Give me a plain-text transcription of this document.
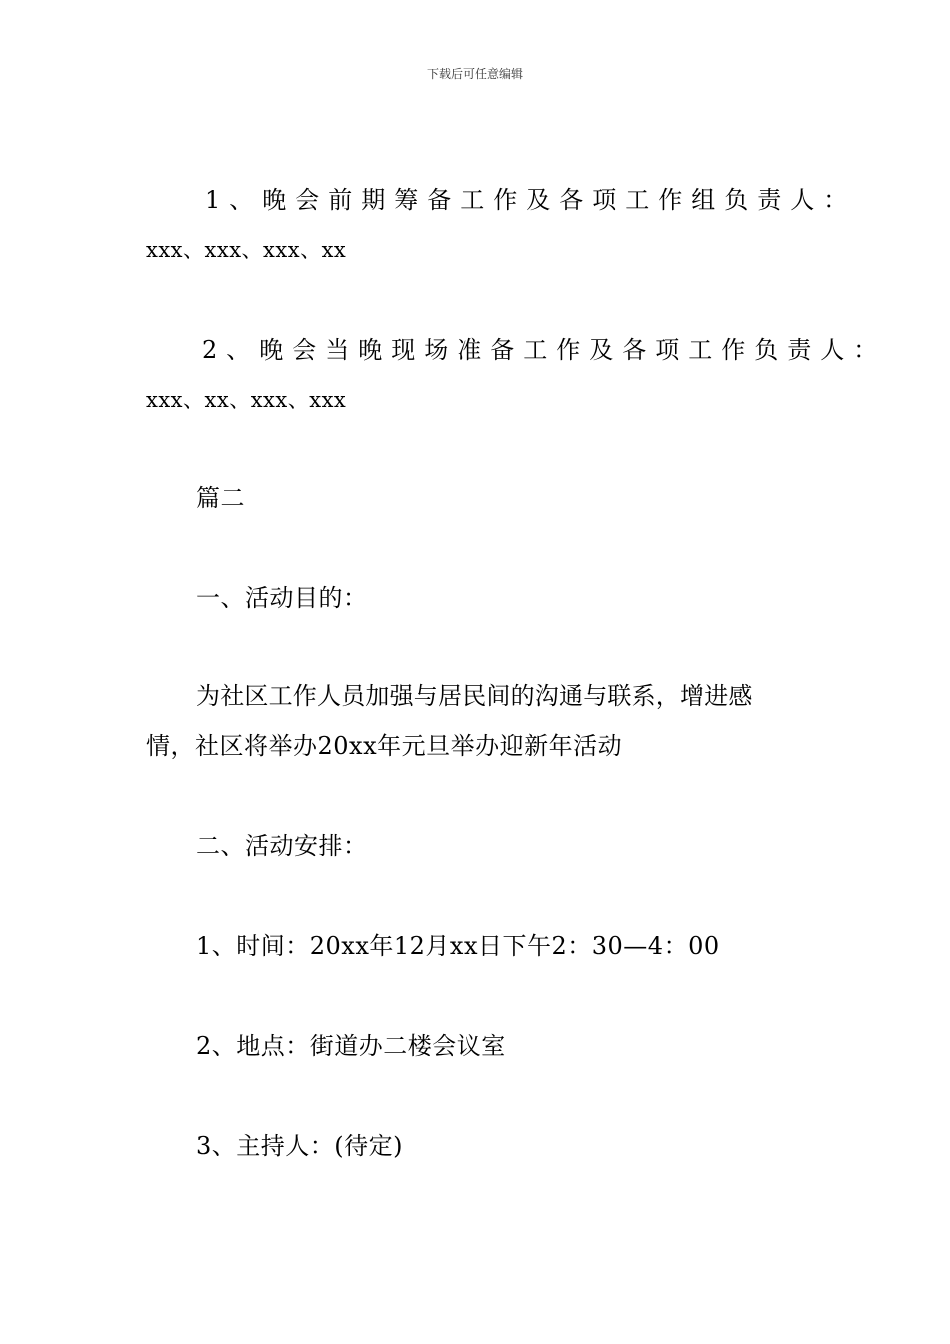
下载后可任意编辑
1、晚会前期筹备工作及各项工作组负责人：
xxx、xxx、xxx、xx
2、晚会当晚现场准备工作及各项工作负责人：
xxx、xx、xxx、xxx
篇二
一、活动目的：
为社区工作人员加强与居民间的沟通与联系，增进感
情，社区将举办20xx年元旦举办迎新年活动
二、活动安排：
1、时间：20xx年12月xx日下午2：30—4：00
2、地点：街道办二楼会议室
3、主持人：(待定)
